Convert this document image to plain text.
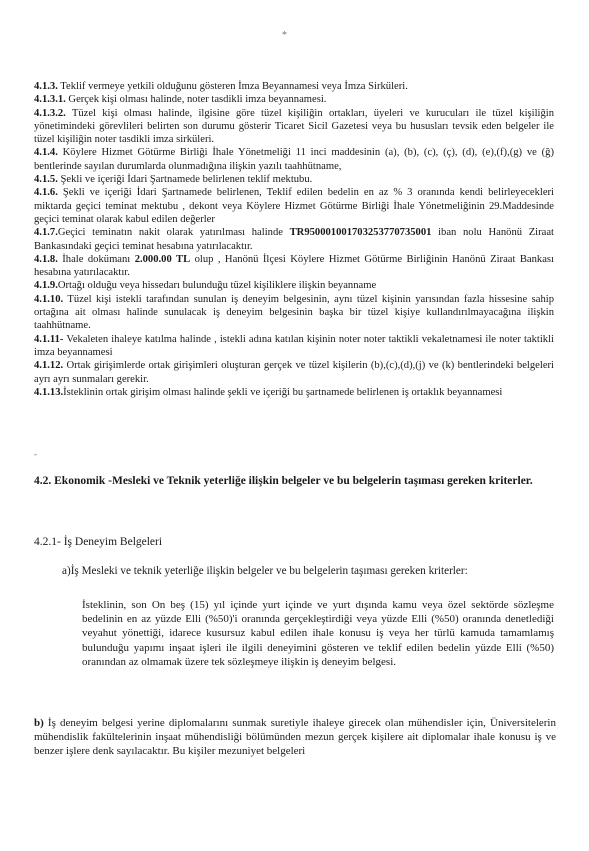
*

4.1.3. Teklif vermeye yetkili olduğunu gösteren İmza Beyannamesi veya İmza Sirküleri.

4.1.3.1. Gerçek kişi olması halinde, noter tasdikli imza beyannamesi.

4.1.3.2. Tüzel kişi olması halinde, ilgisine göre tüzel kişiliğin ortakları, üyeleri ve kurucuları ile tüzel kişiliğin yönetimindeki görevlileri belirten son durumu gösterir Ticaret Sicil Gazetesi veya bu hususları tevsik eden belgeler ile tüzel kişiliğin noter tasdikli imza sirküleri.

4.1.4. Köylere Hizmet Götürme Birliği İhale Yönetmeliği 11 inci maddesinin (a), (b), (c), (ç), (d), (e),(f),(g) ve (ğ) bentlerinde sayılan durumlarda olunmadığına ilişkin yazılı taahhütname,

4.1.5. Şekli ve içeriği İdari Şartnamede belirlenen teklif mektubu.

4.1.6. Şekli ve içeriği İdari Şartnamede belirlenen, Teklif edilen bedelin en az % 3 oranında kendi belirleyecekleri miktarda geçici teminat mektubu , dekont veya Köylere Hizmet Götürme Birliği İhale Yönetmeliğinin 29.Maddesinde geçici teminat olarak kabul edilen değerler

4.1.7.Geçici teminatın nakit olarak yatırılması halinde TR950001001703253770735001 iban nolu Hanönü Ziraat Bankasındaki geçici teminat hesabına yatırılacaktır.

4.1.8. İhale dokümanı 2.000.00 TL olup , Hanönü İlçesi Köylere Hizmet Götürme Birliğinin Hanönü Ziraat Bankası hesabına yatırılacaktır.

4.1.9.Ortağı olduğu veya hissedarı bulunduğu tüzel kişiliklere ilişkin beyanname

4.1.10. Tüzel kişi istekli tarafından sunulan iş deneyim belgesinin, aynı tüzel kişinin yarısından fazla hissesine sahip ortağına ait olması halinde sunulacak iş deneyim belgesinin başka bir tüzel kişiye kullandırılmayacağına ilişkin taahhütname.

4.1.11- Vekaleten ihaleye katılma halinde , istekli adına katılan kişinin noter noter taktikli vekaletnamesi ile noter taktikli imza beyannamesi

4.1.12. Ortak girişimlerde ortak girişimleri oluşturan gerçek ve tüzel kişilerin (b),(c),(d),(j) ve (k) bentlerindeki belgeleri ayrı ayrı sunmaları gerekir.

4.1.13.İsteklinin ortak girişim olması halinde şekli ve içeriği bu şartnamede belirlenen iş ortaklık beyannamesi

-
4.2. Ekonomik -Mesleki ve Teknik yeterliğe ilişkin belgeler ve bu belgelerin taşıması gereken kriterler.
4.2.1- İş Deneyim Belgeleri
a)İş Mesleki ve teknik yeterliğe ilişkin belgeler ve bu belgelerin taşıması gereken kriterler:
İsteklinin, son On beş (15) yıl içinde yurt içinde ve yurt dışında kamu veya özel sektörde sözleşme bedelinin en az yüzde Elli (%50)'i oranında gerçekleştirdiği veya yüzde Elli (%50) oranında denetlediği veyahut yönettiği, idarece kusursuz kabul edilen ihale konusu iş veya her türlü kamuda tamamlamış bulunduğu yapımı inşaat işleri ile ilgili deneyimini gösteren ve teklif edilen bedelin yüzde Elli (%50) oranından az olmamak üzere tek sözleşmeye ilişkin iş deneyim belgesi.
b) İş deneyim belgesi yerine diplomalarını sunmak suretiyle ihaleye girecek olan mühendisler için, Üniversitelerin mühendislik fakültelerinin inşaat mühendisliği bölümünden mezun gerçek kişilere ait diplomalar ihale konusu iş ve benzer işlere denk sayılacaktır. Bu kişiler mezuniyet belgeleri
